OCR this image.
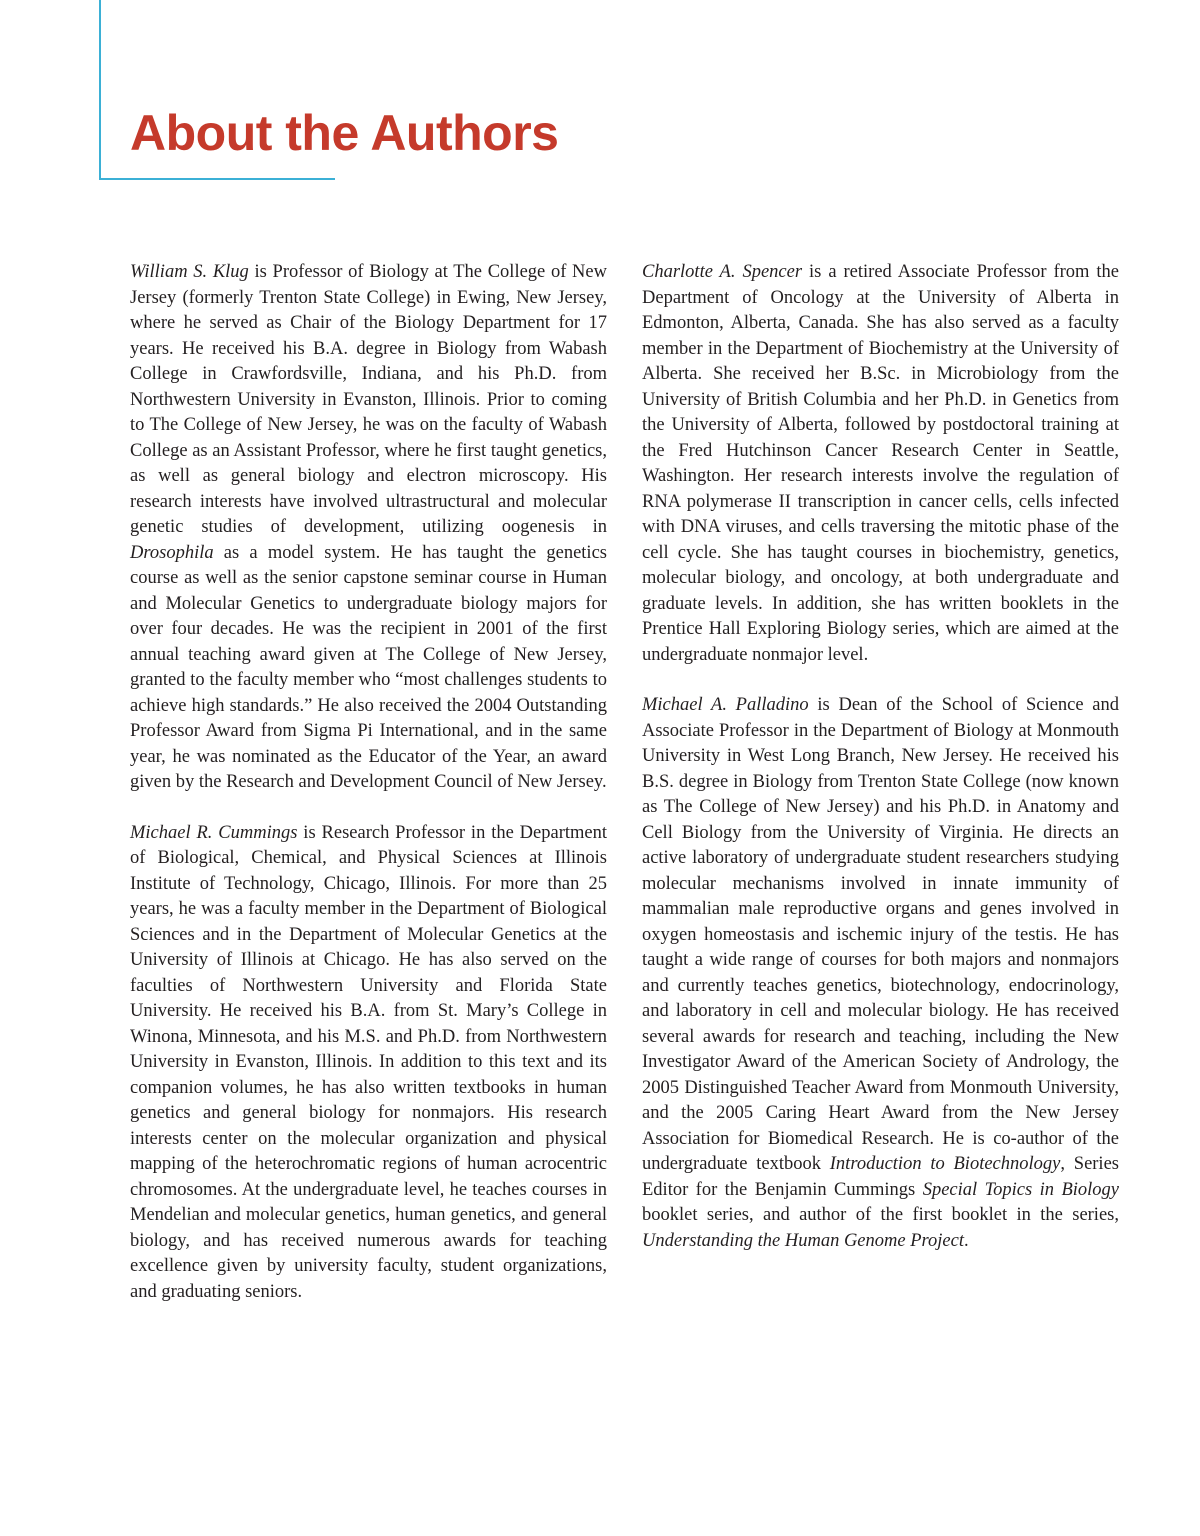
About the Authors

William S. Klug is Professor of Biology at The College of New Jersey (formerly Trenton State College) in Ewing, New Jersey, where he served as Chair of the Biology Department for 17 years. He received his B.A. degree in Biology from Wabash College in Crawfordsville, Indiana, and his Ph.D. from Northwestern University in Evanston, Illinois. Prior to coming to The College of New Jersey, he was on the faculty of Wabash College as an Assistant Professor, where he first taught genetics, as well as general biology and electron microscopy. His research interests have involved ultrastructural and molecular genetic studies of development, utilizing oogenesis in Drosophila as a model system. He has taught the genetics course as well as the senior capstone seminar course in Human and Molecular Genetics to undergraduate biology majors for over four decades. He was the recipient in 2001 of the first annual teaching award given at The College of New Jersey, granted to the faculty member who “most challenges students to achieve high standards.” He also received the 2004 Outstanding Professor Award from Sigma Pi International, and in the same year, he was nominated as the Educator of the Year, an award given by the Research and Development Council of New Jersey.

Michael R. Cummings is Research Professor in the Department of Biological, Chemical, and Physical Sciences at Illinois Institute of Technology, Chicago, Illinois. For more than 25 years, he was a faculty member in the Department of Biological Sciences and in the Department of Molecular Genetics at the University of Illinois at Chicago. He has also served on the faculties of Northwestern University and Florida State University. He received his B.A. from St. Mary’s College in Winona, Minnesota, and his M.S. and Ph.D. from Northwestern University in Evanston, Illinois. In addition to this text and its companion volumes, he has also written textbooks in human genetics and general biology for nonmajors. His research interests center on the molecular organization and physical mapping of the heterochromatic regions of human acrocentric chromosomes. At the undergraduate level, he teaches courses in Mendelian and molecular genetics, human genetics, and general biology, and has received numerous awards for teaching excellence given by university faculty, student organizations, and graduating seniors.

Charlotte A. Spencer is a retired Associate Professor from the Department of Oncology at the University of Alberta in Edmonton, Alberta, Canada. She has also served as a faculty member in the Department of Biochemistry at the University of Alberta. She received her B.Sc. in Microbiology from the University of British Columbia and her Ph.D. in Genetics from the University of Alberta, followed by postdoctoral training at the Fred Hutchinson Cancer Research Center in Seattle, Washington. Her research interests involve the regulation of RNA polymerase II transcription in cancer cells, cells infected with DNA viruses, and cells traversing the mitotic phase of the cell cycle. She has taught courses in biochemistry, genetics, molecular biology, and oncology, at both undergraduate and graduate levels. In addition, she has written booklets in the Prentice Hall Exploring Biology series, which are aimed at the undergraduate nonmajor level.

Michael A. Palladino is Dean of the School of Science and Associate Professor in the Department of Biology at Monmouth University in West Long Branch, New Jersey. He received his B.S. degree in Biology from Trenton State College (now known as The College of New Jersey) and his Ph.D. in Anatomy and Cell Biology from the University of Virginia. He directs an active laboratory of undergraduate student researchers studying molecular mechanisms involved in innate immunity of mammalian male reproductive organs and genes involved in oxygen homeostasis and ischemic injury of the testis. He has taught a wide range of courses for both majors and nonmajors and currently teaches genetics, biotechnology, endocrinology, and laboratory in cell and molecular biology. He has received several awards for research and teaching, including the New Investigator Award of the American Society of Andrology, the 2005 Distinguished Teacher Award from Monmouth University, and the 2005 Caring Heart Award from the New Jersey Association for Biomedical Research. He is co-author of the undergraduate textbook Introduction to Biotechnology, Series Editor for the Benjamin Cummings Special Topics in Biology booklet series, and author of the first booklet in the series, Understanding the Human Genome Project.
